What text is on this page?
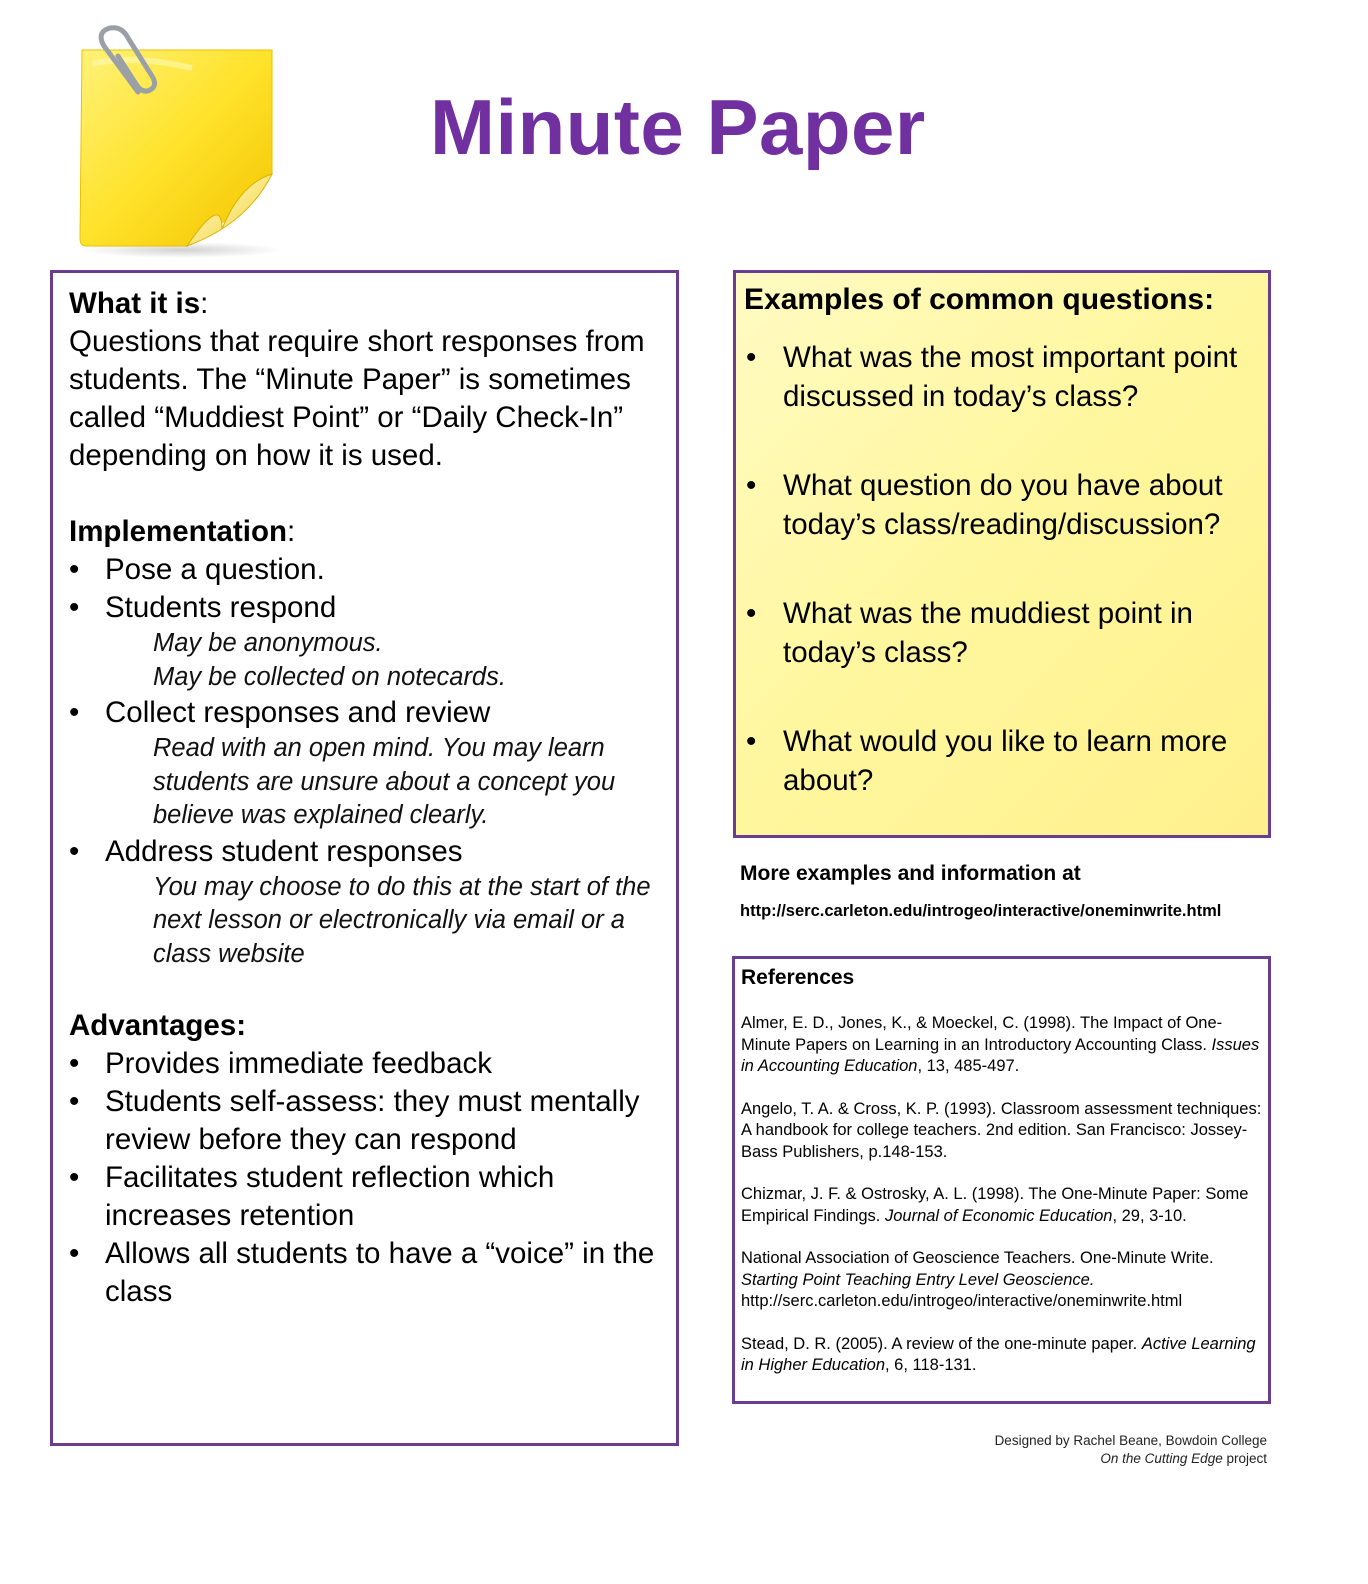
Minute Paper

What it is:

Questions that require short responses from students. The “Minute Paper” is sometimes called “Muddiest Point” or “Daily Check-In” depending on how it is used.

Implementation:

• Pose a question.
• Students respond

May be anonymous.

May be collected on notecards.

• Collect responses and review

Read with an open mind. You may learn students are unsure about a concept you believe was explained clearly.

• Address student responses

You may choose to do this at the start of the next lesson or electronically via email or a class website

Advantages:

• Provides immediate feedback
• Students self-assess: they must mentally review before they can respond
• Facilitates student reflection which increases retention
• Allows all students to have a “voice” in the class
Examples of common questions:
• What was the most important point discussed in today’s class?
• What question do you have about today’s class/reading/discussion?
• What was the muddiest point in today’s class?
• What would you like to learn more about?
More examples and information at
http://serc.carleton.edu/introgeo/interactive/oneminwrite.html
References

Almer, E. D., Jones, K., & Moeckel, C. (1998). The Impact of One-Minute Papers on Learning in an Introductory Accounting Class. Issues in Accounting Education, 13, 485-497.

Angelo, T. A. & Cross, K. P. (1993). Classroom assessment techniques: A handbook for college teachers. 2nd edition. San Francisco: Jossey-Bass Publishers, p.148-153.

Chizmar, J. F. & Ostrosky, A. L. (1998). The One-Minute Paper: Some Empirical Findings. Journal of Economic Education, 29, 3-10.

National Association of Geoscience Teachers. One-Minute Write. Starting Point Teaching Entry Level Geoscience.
http://serc.carleton.edu/introgeo/interactive/oneminwrite.html

Stead, D. R. (2005). A review of the one-minute paper. Active Learning in Higher Education, 6, 118-131.

Designed by Rachel Beane, Bowdoin College
On the Cutting Edge project
